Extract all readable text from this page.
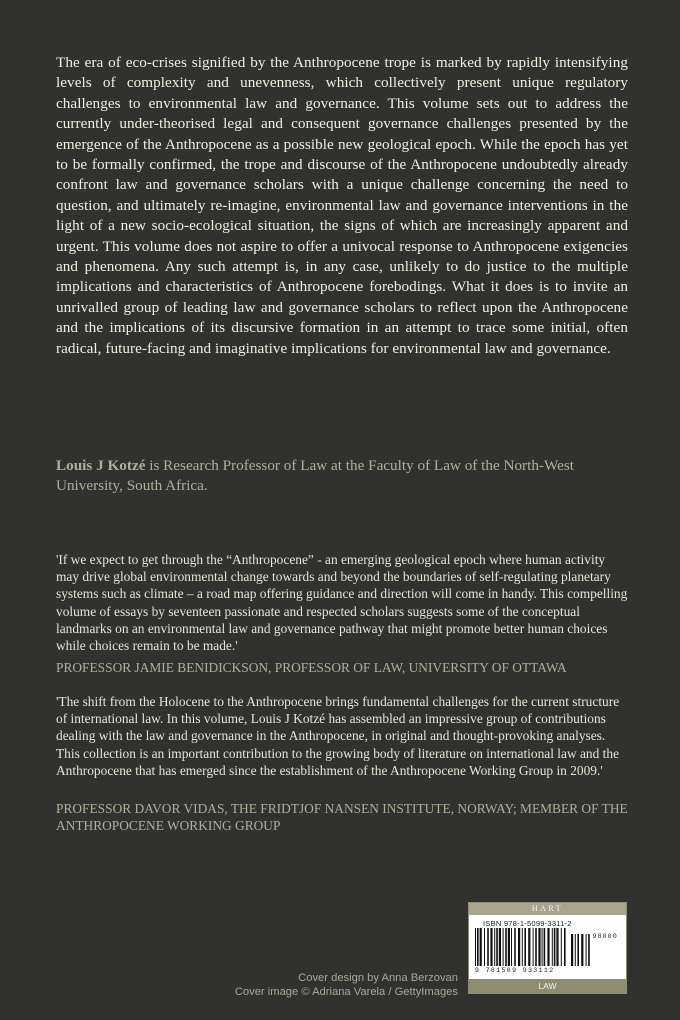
The era of eco-crises signified by the Anthropocene trope is marked by rapidly intensifying levels of complexity and unevenness, which collectively present unique regulatory challenges to environmental law and governance. This volume sets out to address the currently under-theorised legal and consequent governance challenges presented by the emergence of the Anthropocene as a possible new geological epoch. While the epoch has yet to be formally confirmed, the trope and discourse of the Anthropocene undoubtedly already confront law and governance scholars with a unique challenge concerning the need to question, and ultimately re-imagine, environmental law and governance interventions in the light of a new socio-ecological situation, the signs of which are increasingly apparent and urgent. This volume does not aspire to offer a univocal response to Anthropocene exigencies and phenomena. Any such attempt is, in any case, unlikely to do justice to the multiple implications and characteristics of Anthropocene forebodings. What it does is to invite an unrivalled group of leading law and governance scholars to reflect upon the Anthropocene and the implications of its discursive formation in an attempt to trace some initial, often radical, future-facing and imaginative implications for environmental law and governance.

Louis J Kotzé is Research Professor of Law at the Faculty of Law of the North-West University, South Africa.

'If we expect to get through the “Anthropocene” - an emerging geological epoch where human activity may drive global environmental change towards and beyond the boundaries of self-regulating planetary systems such as climate – a road map offering guidance and direction will come in handy. This compelling volume of essays by seventeen passionate and respected scholars suggests some of the conceptual landmarks on an environmental law and governance pathway that might promote better human choices while choices remain to be made.'

PROFESSOR JAMIE BENIDICKSON, PROFESSOR OF LAW, UNIVERSITY OF OTTAWA

'The shift from the Holocene to the Anthropocene brings fundamental challenges for the current structure of international law. In this volume, Louis J Kotzé has assembled an impressive group of contributions dealing with the law and governance in the Anthropocene, in original and thought-provoking analyses. This collection is an important contribution to the growing body of literature on international law and the Anthropocene that has emerged since the establishment of the Anthropocene Working Group in 2009.'

PROFESSOR DAVOR VIDAS, THE FRIDTJOF NANSEN INSTITUTE, NORWAY; MEMBER OF THE ANTHROPOCENE WORKING GROUP

Cover design by Anna Berzovan
Cover image © Adriana Varela / GettyImages
HART
ISBN 978-1-5099-3311-2
98000
9 781509 933112
LAW
